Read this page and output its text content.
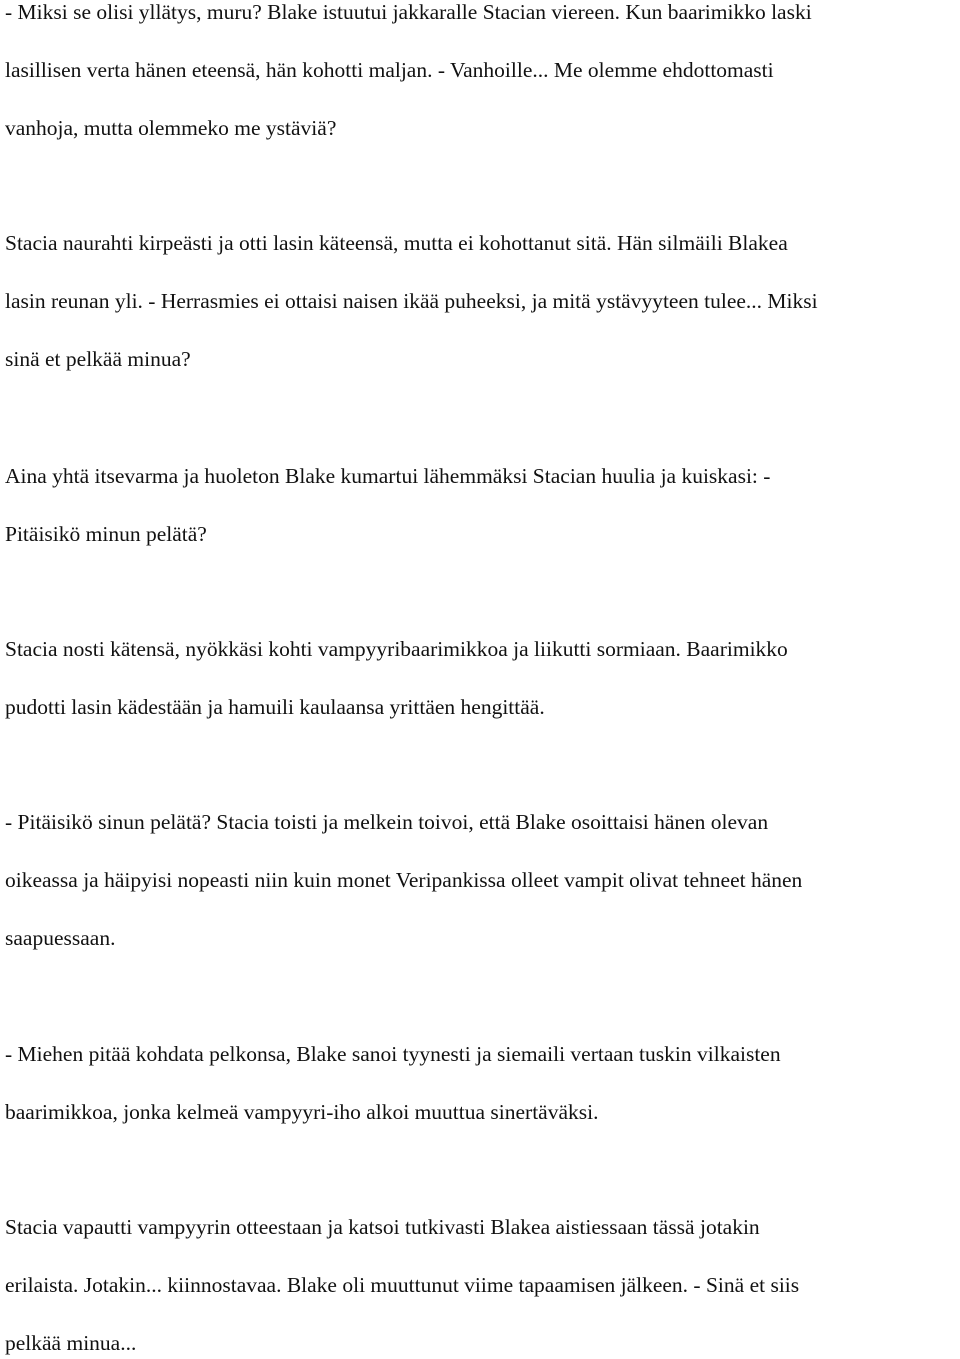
- Miksi se olisi yllätys, muru? Blake istuutui jakkaralle Stacian viereen. Kun baarimikko laski
lasillisen verta hänen eteensä, hän kohotti maljan. - Vanhoille... Me olemme ehdottomasti
vanhoja, mutta olemmeko me ystäviä?
Stacia naurahti kirpeästi ja otti lasin käteensä, mutta ei kohottanut sitä. Hän silmäili Blakea
lasin reunan yli. - Herrasmies ei ottaisi naisen ikää puheeksi, ja mitä ystävyyteen tulee... Miksi
sinä et pelkää minua?
Aina yhtä itsevarma ja huoleton Blake kumartui lähemmäksi Stacian huulia ja kuiskasi: -
Pitäisikö minun pelätä?
Stacia nosti kätensä, nyökkäsi kohti vampyyribaarimikkoa ja liikutti sormiaan. Baarimikko
pudotti lasin kädestään ja hamuili kaulaansa yrittäen hengittää.
- Pitäisikö sinun pelätä? Stacia toisti ja melkein toivoi, että Blake osoittaisi hänen olevan
oikeassa ja häipyisi nopeasti niin kuin monet Veripankissa olleet vampit olivat tehneet hänen
saapuessaan.
- Miehen pitää kohdata pelkonsa, Blake sanoi tyynesti ja siemaili vertaan tuskin vilkaisten
baarimikkoa, jonka kelmeä vampyyri-iho alkoi muuttua sinertäväksi.
Stacia vapautti vampyyrin otteestaan ja katsoi tutkivasti Blakea aistiessaan tässä jotakin
erilaista. Jotakin... kiinnostavaa. Blake oli muuttunut viime tapaamisen jälkeen. - Sinä et siis
pelkää minua...
